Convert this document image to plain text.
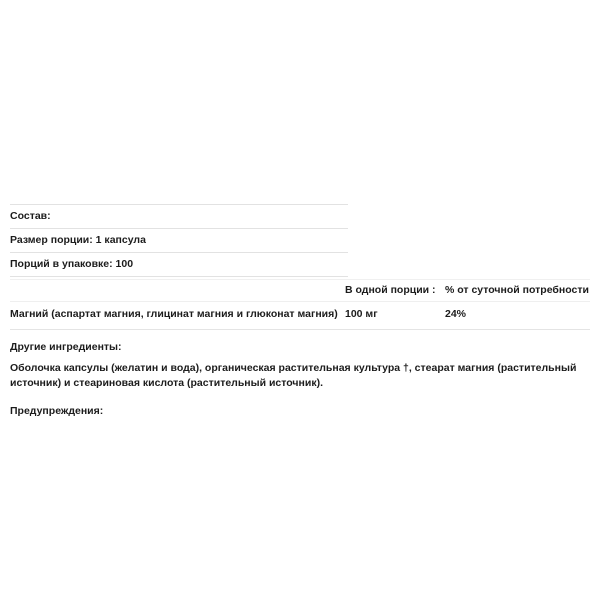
Состав:
Размер порции: 1 капсула
Порций в упаковке: 100
	В одной порции :	% от суточной потребности
Магний (аспартат магния, глицинат магния и глюконат магния)	100 мг	24%
Другие ингредиенты:
Оболочка капсулы (желатин и вода), органическая растительная культура †, стеарат магния (растительный источник) и стеариновая кислота (растительный источник).
Предупреждения:
